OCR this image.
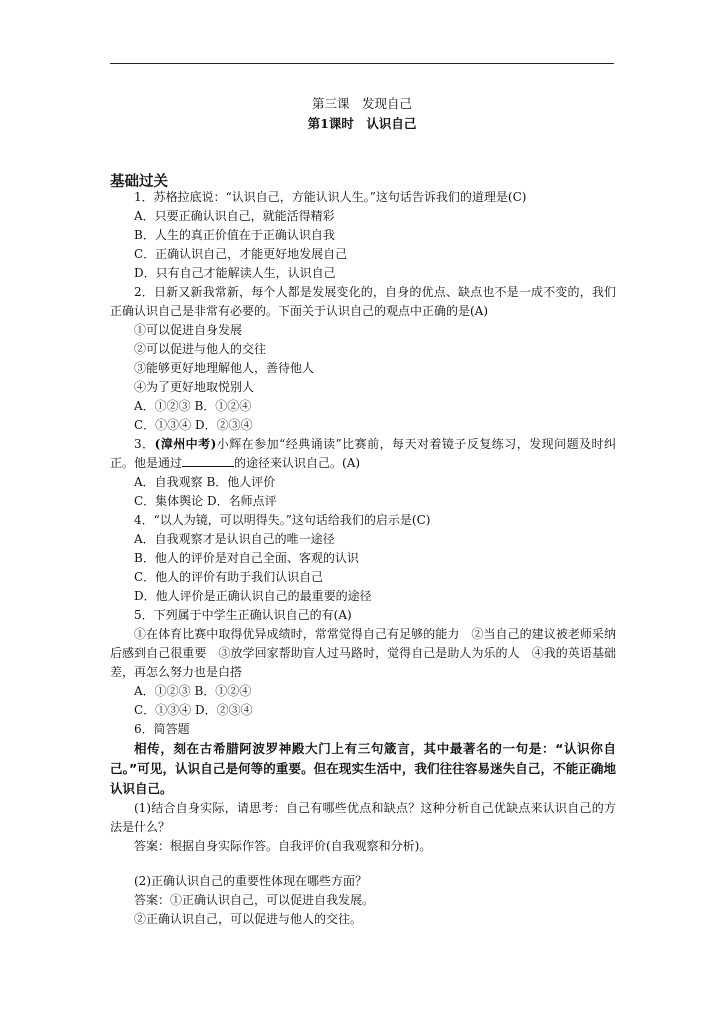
第三课　发现自己

第1课时　认识自己

基础过关

1．苏格拉底说：“认识自己，方能认识人生。”这句话告诉我们的道理是(C)

A．只要正确认识自己，就能活得精彩

B．人生的真正价值在于正确认识自我

C．正确认识自己，才能更好地发展自己

D．只有自己才能解读人生，认识自己

2．日新又新我常新，每个人都是发展变化的，自身的优点、缺点也不是一成不变的，我们正确认识自己是非常有必要的。下面关于认识自己的观点中正确的是(A)

①可以促进自身发展

②可以促进与他人的交往

③能够更好地理解他人，善待他人

④为了更好地取悦别人

A．①②③ B．①②④

C．①③④ D．②③④

3．(漳州中考)小辉在参加“经典诵读”比赛前，每天对着镜子反复练习，发现问题及时纠正。他是通过	的途径来认识自己。(A)

A．自我观察 B．他人评价

C．集体舆论 D．名师点评

4．“以人为镜，可以明得失。”这句话给我们的启示是(C)

A．自我观察才是认识自己的唯一途径

B．他人的评价是对自己全面、客观的认识

C．他人的评价有助于我们认识自己

D．他人评价是正确认识自己的最重要的途径

5．下列属于中学生正确认识自己的有(A)

①在体育比赛中取得优异成绩时，常常觉得自己有足够的能力　②当自己的建议被老师采纳后感到自己很重要　③放学回家帮助盲人过马路时，觉得自己是助人为乐的人　④我的英语基础差，再怎么努力也是白搭

A．①②③ B．①②④

C．①③④ D．②③④

6．简答题

相传，刻在古希腊阿波罗神殿大门上有三句箴言，其中最著名的一句是：“认识你自己。”可见，认识自己是何等的重要。但在现实生活中，我们往往容易迷失自己，不能正确地认识自己。

(1)结合自身实际，请思考：自己有哪些优点和缺点？这种分析自己优缺点来认识自己的方法是什么？

答案：根据自身实际作答。自我评价(自我观察和分析)。

(2)正确认识自己的重要性体现在哪些方面？

答案：①正确认识自己，可以促进自我发展。

②正确认识自己，可以促进与他人的交往。
